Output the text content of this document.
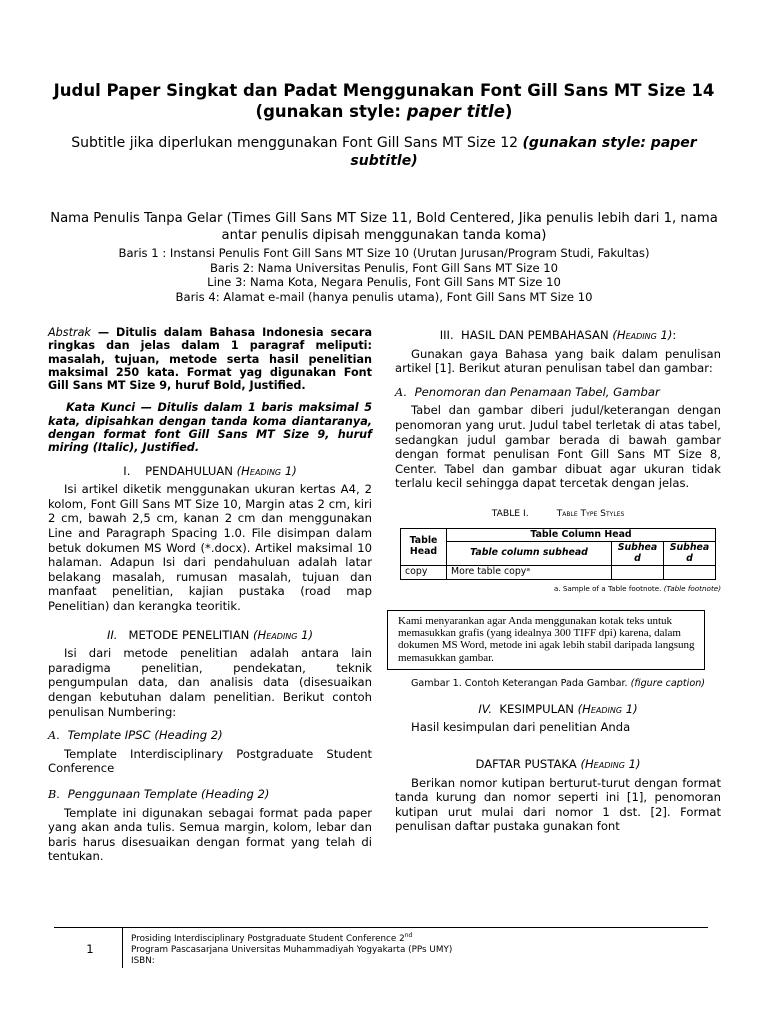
Judul Paper Singkat dan Padat Menggunakan Font Gill Sans MT Size 14 (gunakan style: paper title)
Subtitle jika diperlukan menggunakan Font Gill Sans MT Size 12 (gunakan style: paper subtitle)
Nama Penulis Tanpa Gelar (Times Gill Sans MT Size 11, Bold Centered, Jika penulis lebih dari 1, nama antar penulis dipisah menggunakan tanda koma)
Baris 1 : Instansi Penulis Font Gill Sans MT Size 10 (Urutan Jurusan/Program Studi, Fakultas)
Baris 2: Nama Universitas Penulis, Font Gill Sans MT Size 10
Line 3: Nama Kota, Negara Penulis, Font Gill Sans MT Size 10
Baris 4: Alamat e-mail (hanya penulis utama), Font Gill Sans MT Size 10

Abstrak — Ditulis dalam Bahasa Indonesia secara ringkas dan jelas dalam 1 paragraf meliputi: masalah, tujuan, metode serta hasil penelitian maksimal 250 kata. Format yag digunakan Font Gill Sans MT Size 9, huruf Bold, Justified.

Kata Kunci — Ditulis dalam 1 baris maksimal 5 kata, dipisahkan dengan tanda koma diantaranya, dengan format font Gill Sans MT Size 9, huruf miring (Italic), Justified.

I. PENDAHULUAN (Heading 1)

Isi artikel diketik menggunakan ukuran kertas A4, 2 kolom, Font Gill Sans MT Size 10, Margin atas 2 cm, kiri 2 cm, bawah 2,5 cm, kanan 2 cm dan menggunakan Line and Paragraph Spacing 1.0. File disimpan dalam betuk dokumen MS Word (*.docx). Artikel maksimal 10 halaman. Adapun Isi dari pendahuluan adalah latar belakang masalah, rumusan masalah, tujuan dan manfaat penelitian, kajian pustaka (road map Penelitian) dan kerangka teoritik.

II. METODE PENELITIAN (Heading 1)

Isi dari metode penelitian adalah antara lain paradigma penelitian, pendekatan, teknik pengumpulan data, dan analisis data (disesuaikan dengan kebutuhan dalam penelitian. Berikut contoh penulisan Numbering:

A. Template IPSC (Heading 2)

Template Interdisciplinary Postgraduate Student Conference

B. Penggunaan Template (Heading 2)

Template ini digunakan sebagai format pada paper yang akan anda tulis. Semua margin, kolom, lebar dan baris harus disesuaikan dengan format yang telah di tentukan.

III. HASIL DAN PEMBAHASAN (Heading 1):

Gunakan gaya Bahasa yang baik dalam penulisan artikel [1]. Berikut aturan penulisan tabel dan gambar:

A. Penomoran dan Penamaan Tabel, Gambar

Tabel dan gambar diberi judul/keterangan dengan penomoran yang urut. Judul tabel terletak di atas tabel, sedangkan judul gambar berada di bawah gambar dengan format penulisan Font Gill Sans MT Size 8, Center. Tabel dan gambar dibuat agar ukuran tidak terlalu kecil sehingga dapat tercetak dengan jelas.

TABLE I.	Table Type Styles
Table Head	Table Column Head		
	Table column subhead	Subhead	Subhead
copy	More table copyᵃ		
a. Sample of a Table footnote. (Table footnote)
Kami menyarankan agar Anda menggunakan kotak teks untuk memasukkan grafis (yang idealnya 300 TIFF dpi) karena, dalam dokumen MS Word, metode ini agak lebih stabil daripada langsung memasukkan gambar.
Gambar 1. Contoh Keterangan Pada Gambar. (figure caption)
IV. KESIMPULAN (Heading 1)

Hasil kesimpulan dari penelitian Anda

DAFTAR PUSTAKA (Heading 1)

Berikan nomor kutipan berturut-turut dengan format tanda kurung dan nomor seperti ini [1], penomoran kutipan urut mulai dari nomor 1 dst. [2]. Format penulisan daftar pustaka gunakan font

1
Prosiding Interdisciplinary Postgraduate Student Conference 2nd
Program Pascasarjana Universitas Muhammadiyah Yogyakarta (PPs UMY)
ISBN:
